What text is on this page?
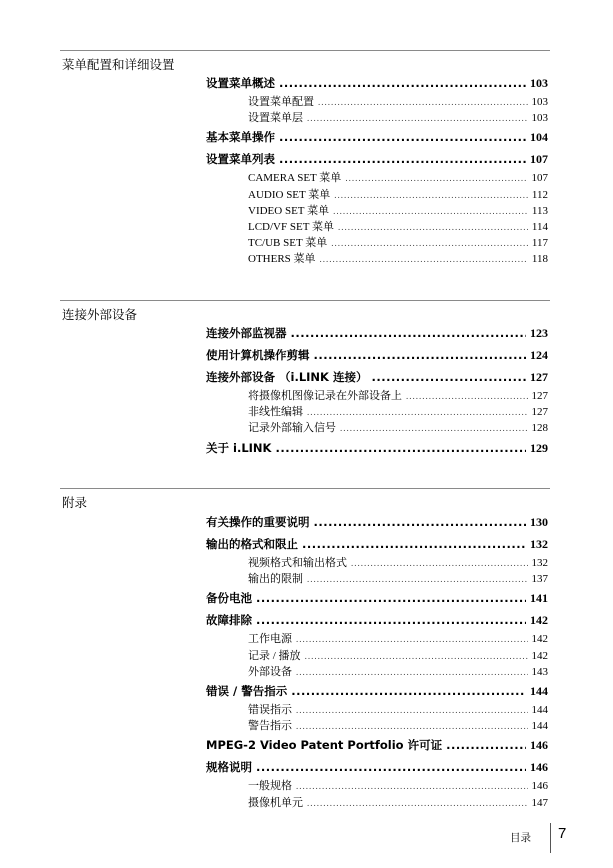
菜单配置和详细设置
设置菜单概述 .....	103
设置菜单配置 .....	103
设置菜单层 .....	103
基本菜单操作 .....	104
设置菜单列表 .....	107
CAMERA SET 菜单 .....	107
AUDIO SET 菜单 .....	112
VIDEO SET 菜单 .....	113
LCD/VF SET 菜单 .....	114
TC/UB SET 菜单 .....	117
OTHERS 菜单 .....	118
连接外部设备
连接外部监视器 .....	123
使用计算机操作剪辑 .....	124
连接外部设备 （i.LINK 连接） .....	127
将摄像机图像记录在外部设备上 .....	127
非线性编辑 .....	127
记录外部输入信号 .....	128
关于 i.LINK .....	129
附录
有关操作的重要说明 .....	130
输出的格式和限止 .....	132
视频格式和输出格式 .....	132
输出的限制 .....	137
备份电池 .....	141
故障排除 .....	142
工作电源 .....	142
记录 / 播放 .....	142
外部设备 .....	143
错误 / 警告指示 .....	144
错误指示 .....	144
警告指示 .....	144
MPEG-2 Video Patent Portfolio 许可证 .....	146
规格说明 .....	146
一般规格 .....	146
摄像机单元 .....	147
目录 7
